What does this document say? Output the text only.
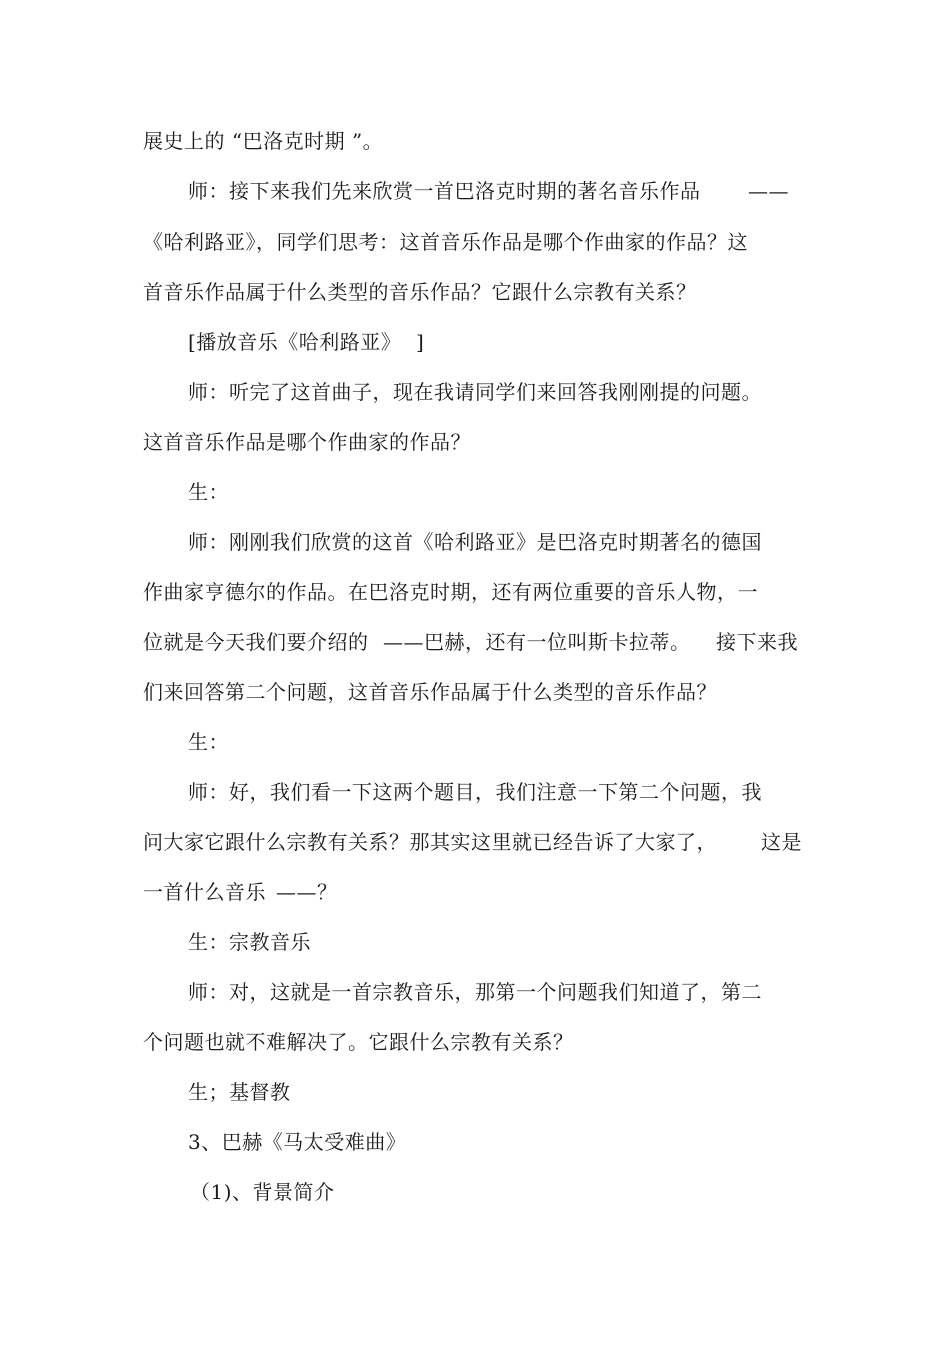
展史上的 “巴洛克时期 ”。
师：接下来我们先来欣赏一首巴洛克时期的著名音乐作品 ——
《哈利路亚》，同学们思考：这首音乐作品是哪个作曲家的作品？这
首音乐作品属于什么类型的音乐作品？它跟什么宗教有关系？
[播放音乐《哈利路亚》 ]
师：听完了这首曲子，现在我请同学们来回答我刚刚提的问题。
这首音乐作品是哪个作曲家的作品？
生：
师：刚刚我们欣赏的这首《哈利路亚》是巴洛克时期著名的德国
作曲家亨德尔的作品。在巴洛克时期，还有两位重要的音乐人物，一
位就是今天我们要介绍的 ——巴赫，还有一位叫斯卡拉蒂。 接下来我
们来回答第二个问题，这首音乐作品属于什么类型的音乐作品？
生：
师：好，我们看一下这两个题目，我们注意一下第二个问题，我
问大家它跟什么宗教有关系？那其实这里就已经告诉了大家了， 这是
一首什么音乐 ——？
生：宗教音乐
师：对，这就是一首宗教音乐，那第一个问题我们知道了，第二
个问题也就不难解决了。它跟什么宗教有关系？
生；基督教
3、巴赫《马太受难曲》
（1)、背景简介
